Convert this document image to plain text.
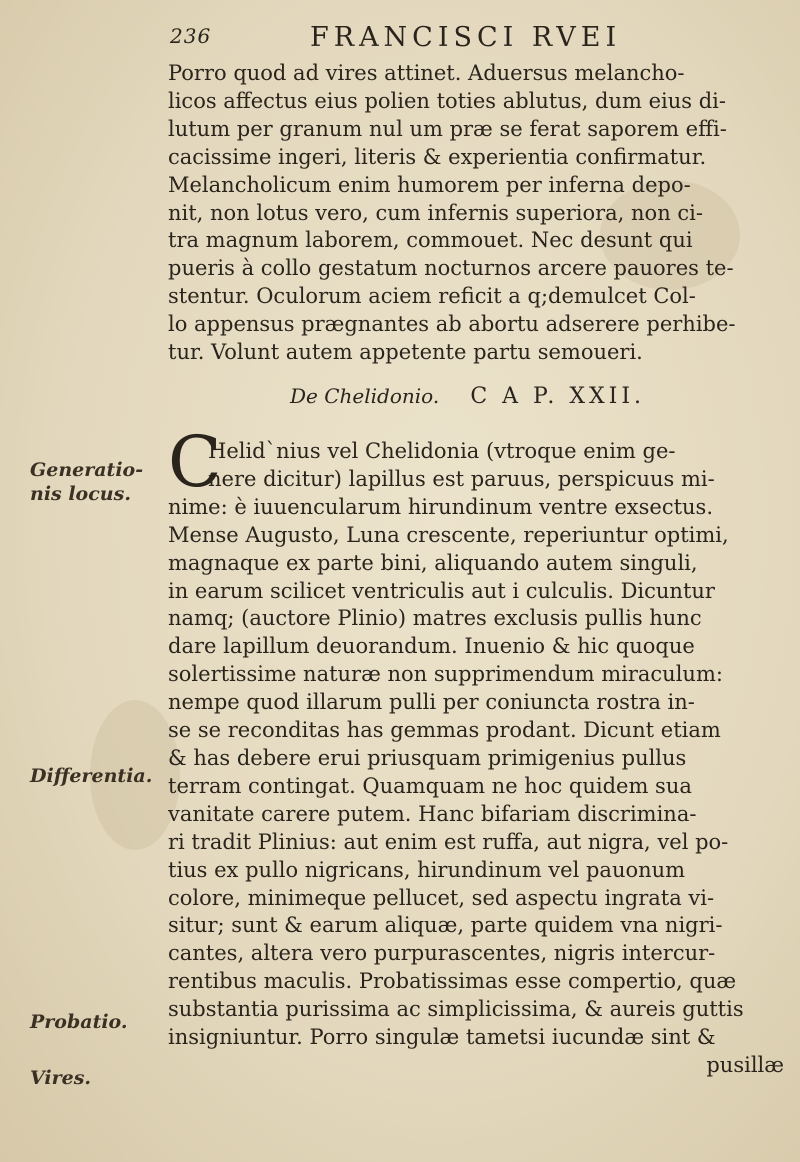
236	FRANCISCI RVEI
Porro quod ad vires attinet. Aduersus melancho-
licos affectus eius polien toties ablutus, dum eius di-
lutum per granum nul um præ se ferat saporem effi-
cacissime ingeri, literis & experientia confirmatur.
Melancholicum enim humorem per inferna depo-
nit, non lotus vero, cum infernis superiora, non ci-
tra magnum laborem, commouet. Nec desunt qui
pueris à collo gestatum nocturnos arcere pauores te-
stentur. Oculorum aciem reficit a q;demulcet Col-
lo appensus prægnantes ab abortu adserere perhibe-
tur. Volunt autem appetente partu semoueri.
De Chelidonio. C A P. XXII.
C
Helid`nius vel Chelidonia (vtroque enim ge-
nere dicitur) lapillus est paruus, perspicuus mi-
nime: è iuuencularum hirundinum ventre exsectus.
Mense Augusto, Luna crescente, reperiuntur optimi,
magnaque ex parte bini, aliquando autem singuli,
in earum scilicet ventriculis aut i culculis. Dicuntur
namq; (auctore Plinio) matres exclusis pullis hunc
dare lapillum deuorandum. Inuenio & hic quoque
solertissime naturæ non supprimendum miraculum:
nempe quod illarum pulli per coniuncta rostra in-
se se reconditas has gemmas prodant. Dicunt etiam
& has debere erui priusquam primigenius pullus
terram contingat. Quamquam ne hoc quidem sua
vanitate carere putem. Hanc bifariam discrimina-
ri tradit Plinius: aut enim est ruffa, aut nigra, vel po-
tius ex pullo nigricans, hirundinum vel pauonum
colore, minimeque pellucet, sed aspectu ingrata vi-
situr; sunt & earum aliquæ, parte quidem vna nigri-
cantes, altera vero purpurascentes, nigris intercur-
rentibus maculis. Probatissimas esse compertio, quæ
substantia purissima ac simplicissima, & aureis guttis
insigniuntur. Porro singulæ tametsi iucundæ sint &
pusillæ
Generatio-
nis locus.
Differentia.
Probatio.
Vires.
